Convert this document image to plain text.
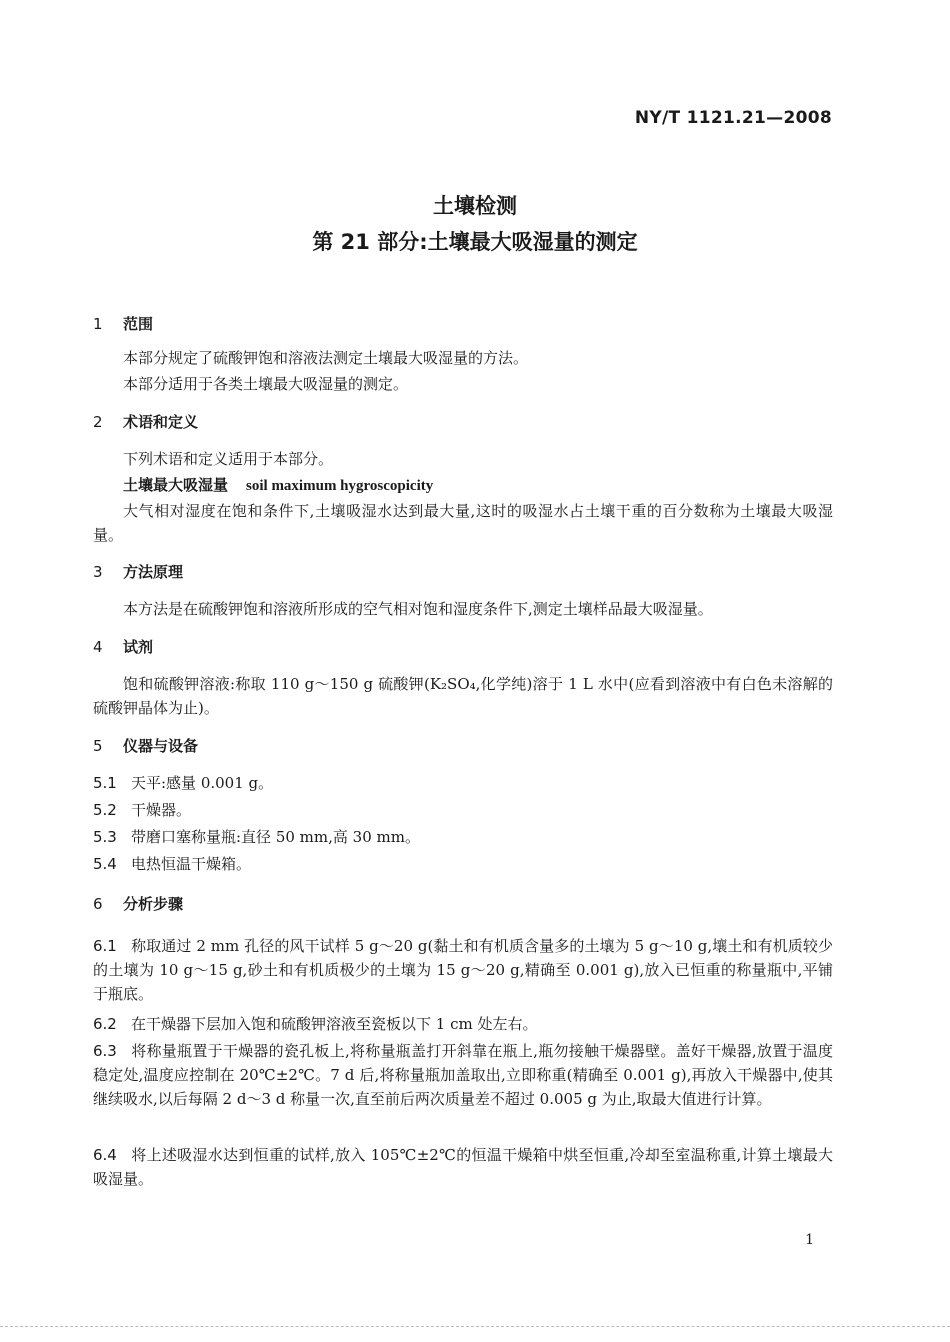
NY/T 1121.21—2008
土壤检测
第 21 部分:土壤最大吸湿量的测定
1 范围
本部分规定了硫酸钾饱和溶液法测定土壤最大吸湿量的方法。
本部分适用于各类土壤最大吸湿量的测定。
2 术语和定义
下列术语和定义适用于本部分。
土壤最大吸湿量 soil maximum hygroscopicity
大气相对湿度在饱和条件下,土壤吸湿水达到最大量,这时的吸湿水占土壤干重的百分数称为土壤最大吸湿量。
3 方法原理
本方法是在硫酸钾饱和溶液所形成的空气相对饱和湿度条件下,测定土壤样品最大吸湿量。
4 试剂
饱和硫酸钾溶液:称取 110 g～150 g 硫酸钾(K₂SO₄,化学纯)溶于 1 L 水中(应看到溶液中有白色未溶解的硫酸钾晶体为止)。
5 仪器与设备
5.1 天平:感量 0.001 g。
5.2 干燥器。
5.3 带磨口塞称量瓶:直径 50 mm,高 30 mm。
5.4 电热恒温干燥箱。
6 分析步骤
6.1 称取通过 2 mm 孔径的风干试样 5 g～20 g(黏土和有机质含量多的土壤为 5 g～10 g,壤土和有机质较少的土壤为 10 g～15 g,砂土和有机质极少的土壤为 15 g～20 g,精确至 0.001 g),放入已恒重的称量瓶中,平铺于瓶底。
6.2 在干燥器下层加入饱和硫酸钾溶液至瓷板以下 1 cm 处左右。
6.3 将称量瓶置于干燥器的瓷孔板上,将称量瓶盖打开斜靠在瓶上,瓶勿接触干燥器壁。盖好干燥器,放置于温度稳定处,温度应控制在 20℃±2℃。7 d 后,将称量瓶加盖取出,立即称重(精确至 0.001 g),再放入干燥器中,使其继续吸水,以后每隔 2 d～3 d 称量一次,直至前后两次质量差不超过 0.005 g 为止,取最大值进行计算。
6.4 将上述吸湿水达到恒重的试样,放入 105℃±2℃的恒温干燥箱中烘至恒重,冷却至室温称重,计算土壤最大吸湿量。
1
